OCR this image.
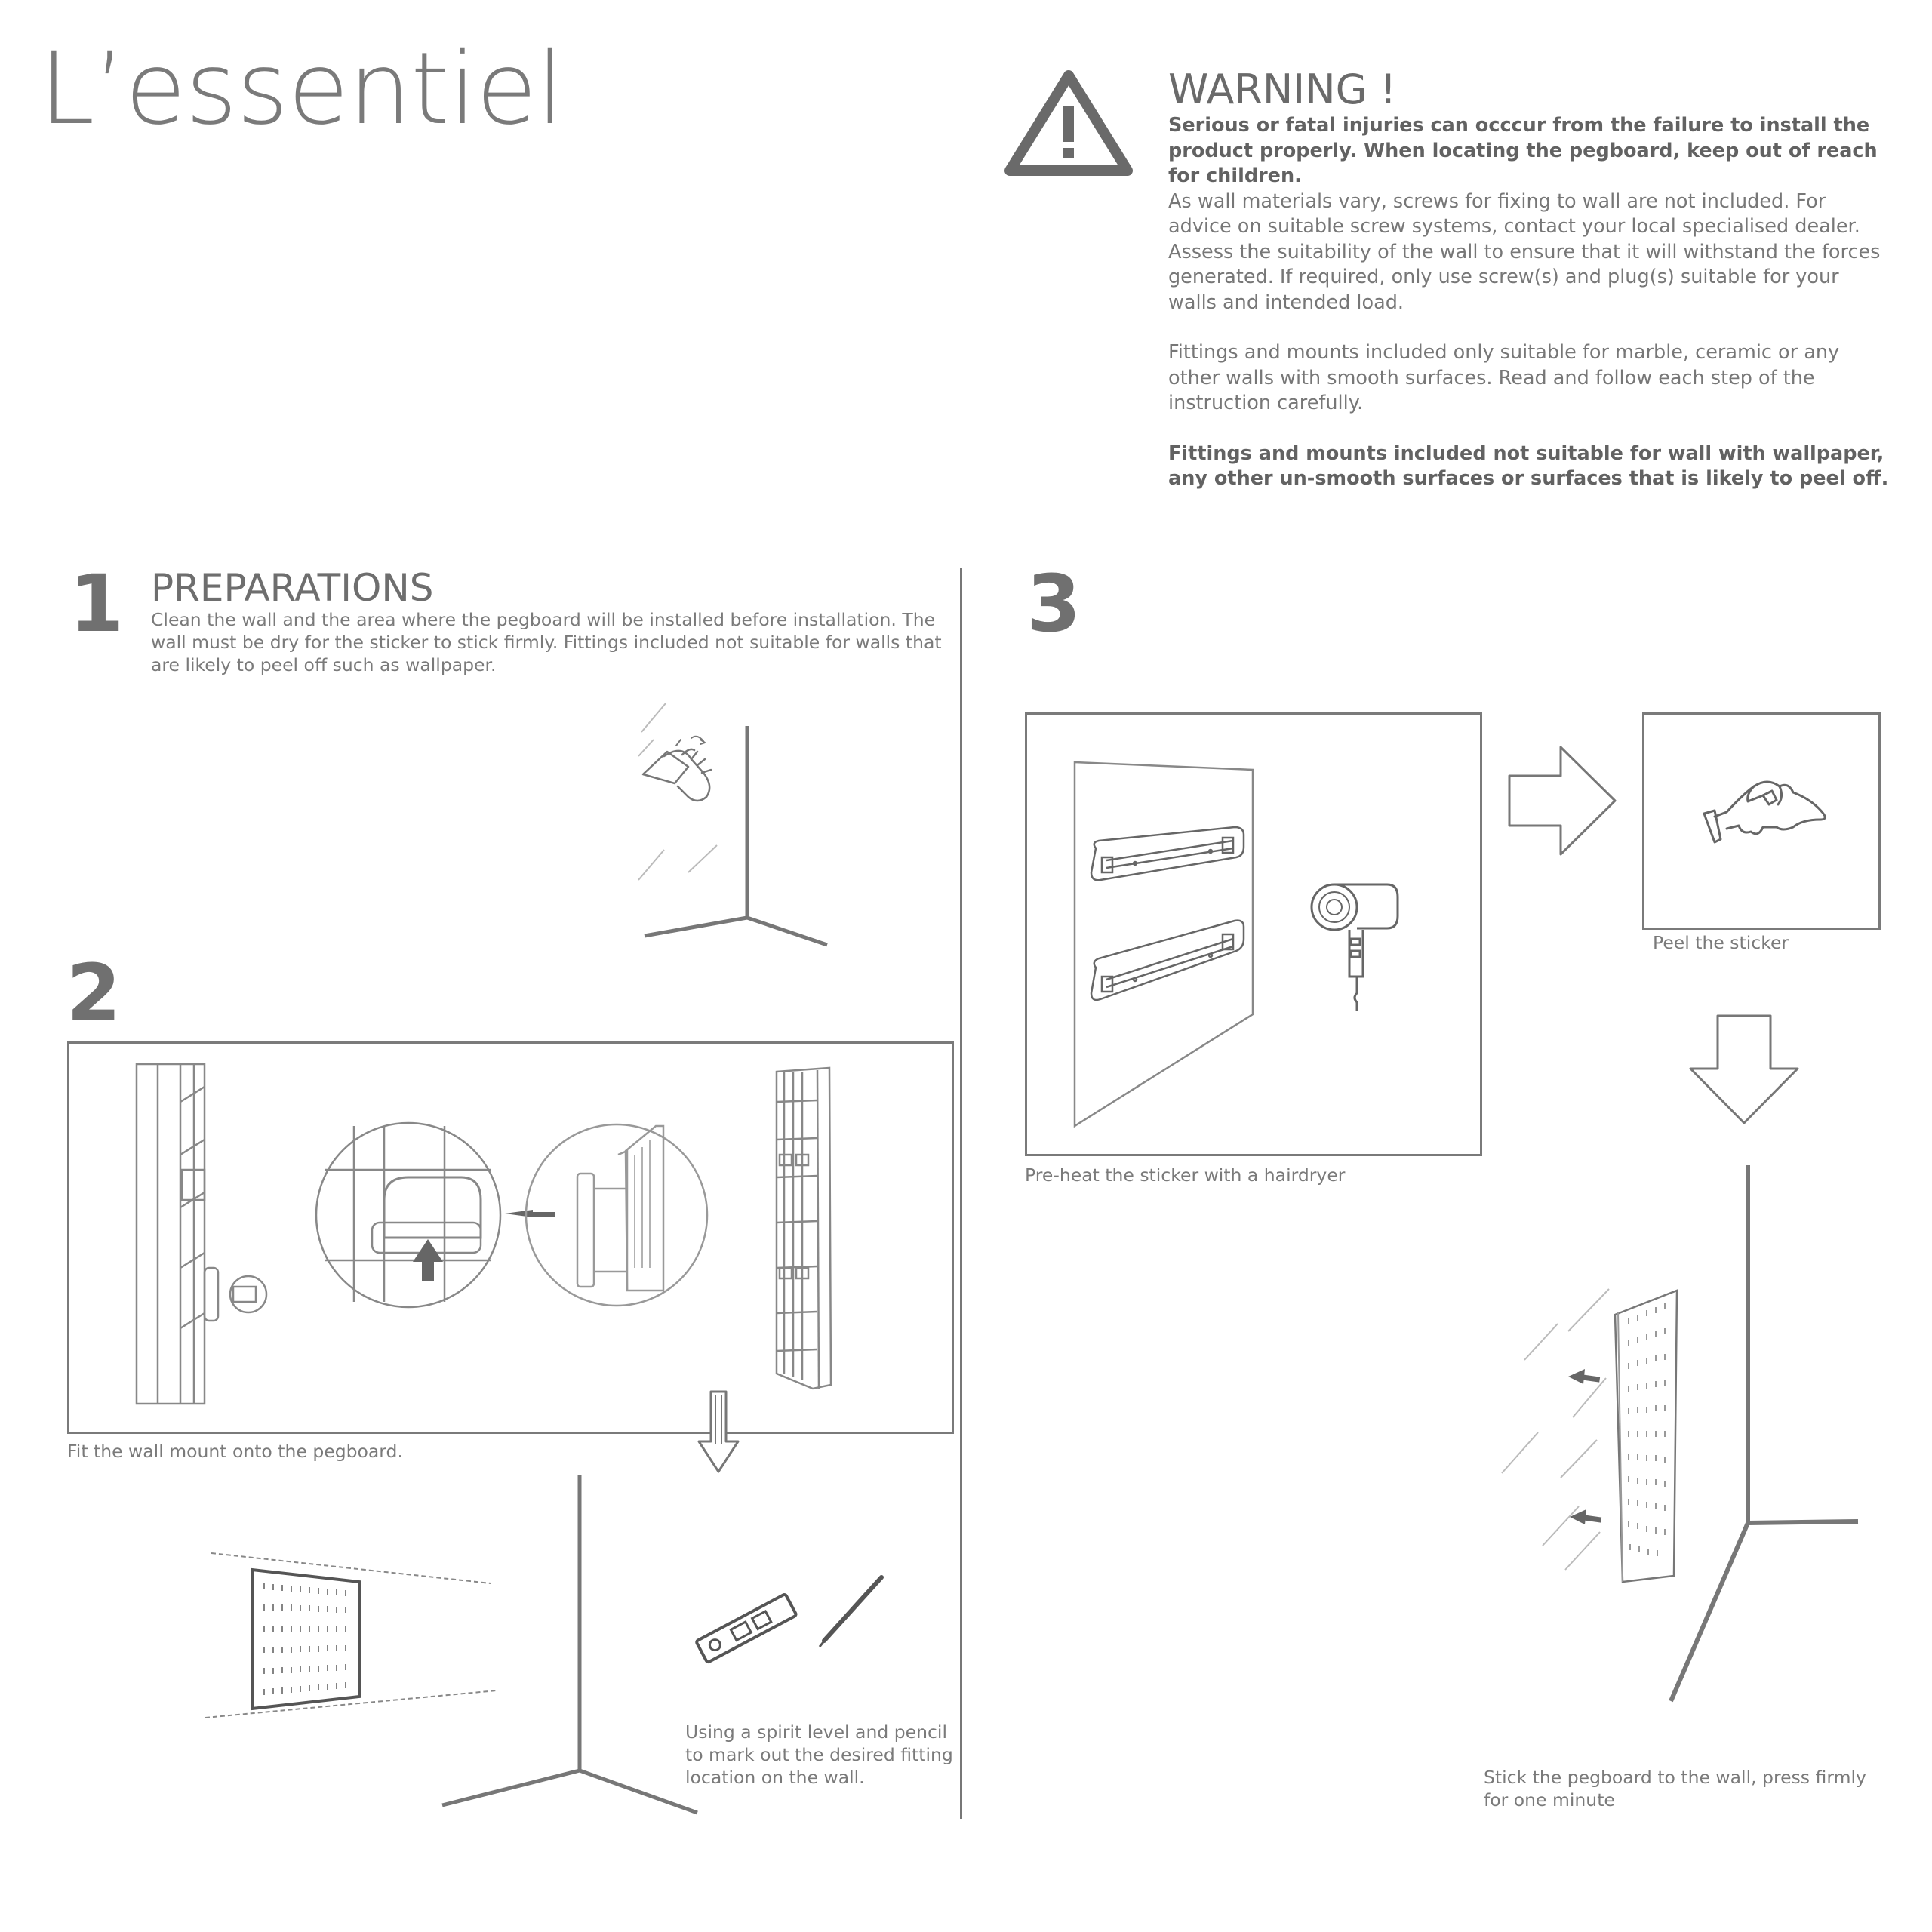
L’essentiel	WARNING !

Serious or fatal injuries can occcur from the failure to install the product properly. When locating the pegboard, keep out of reach for children.
As wall materials vary, screws for fixing to wall are not included. For advice on suitable screw systems, contact your local specialised dealer. Assess the suitability of the wall to ensure that it will withstand the forces generated. If required, only use screw(s) and plug(s) suitable for your walls and intended load.

Fittings and mounts included only suitable for marble, ceramic or any other walls with smooth surfaces. Read and follow each step of the instruction carefully.

Fittings and mounts included not suitable for wall with wallpaper, any other un-smooth surfaces or surfaces that is likely to peel off.

1 PREPARATIONS
Clean the wall and the area where the pegboard will be installed before installation. The wall must be dry for the sticker to stick firmly. Fittings included not suitable for walls that are likely to peel off such as wallpaper.
2
Fit the wall mount onto the pegboard.
Using a spirit level and pencil to mark out the desired fitting location on the wall.
3
Pre-heat the sticker with a hairdryer
Peel the sticker
Stick the pegboard to the wall, press firmly for one minute
